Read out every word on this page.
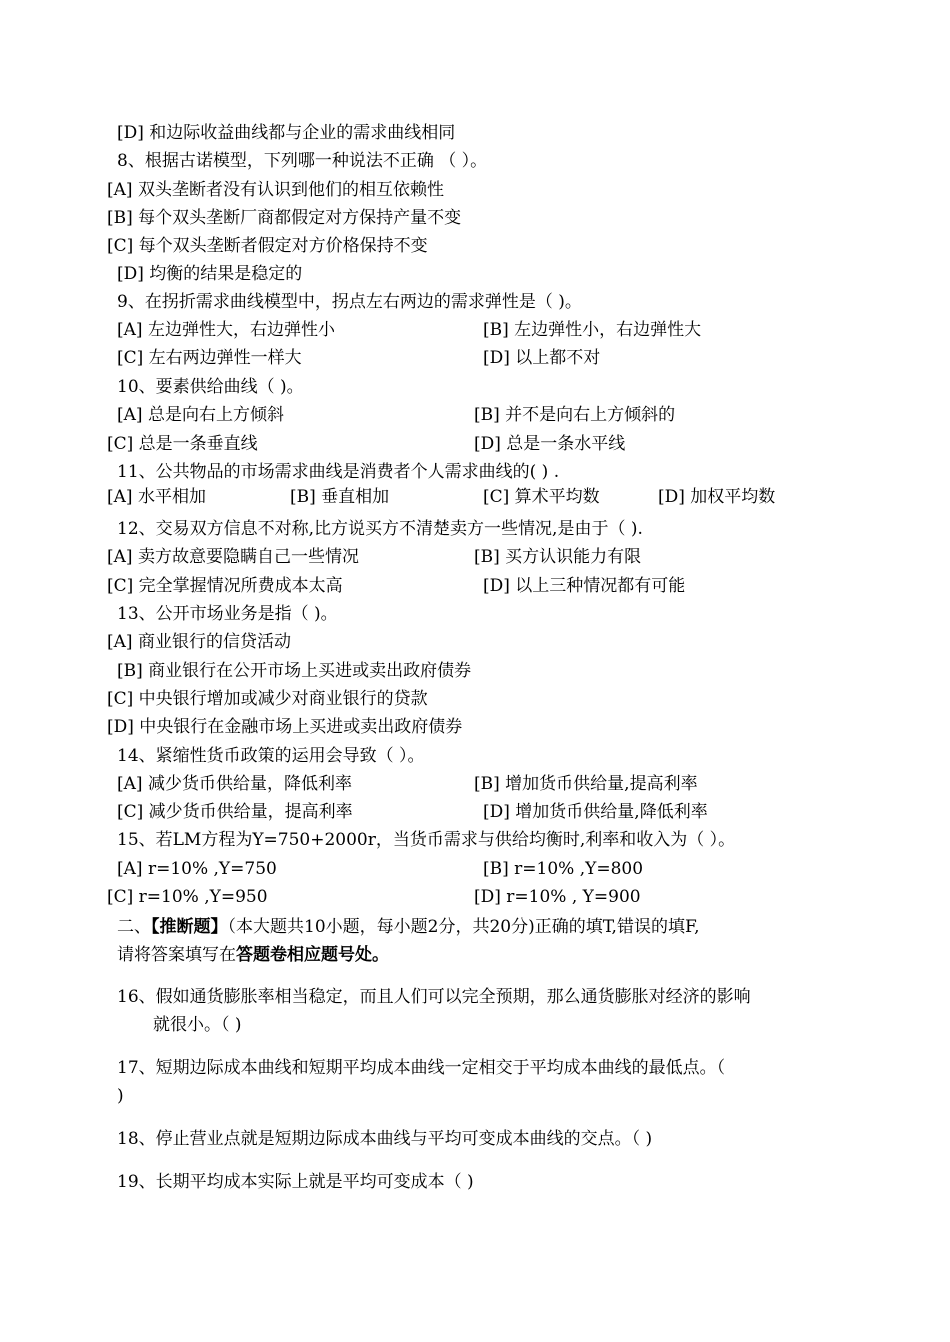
[D] 和边际收益曲线都与企业的需求曲线相同
8、根据古诺模型，下列哪一种说法不正确 （ ）。
[A] 双头垄断者没有认识到他们的相互依赖性
[B] 每个双头垄断厂商都假定对方保持产量不变
[C] 每个双头垄断者假定对方价格保持不变
[D] 均衡的结果是稳定的
9、在拐折需求曲线模型中，拐点左右两边的需求弹性是（ )。
[A] 左边弹性大，右边弹性小	[B] 左边弹性小，右边弹性大
[C] 左右两边弹性一样大	[D] 以上都不对
10、要素供给曲线（ )。
[A] 总是向右上方倾斜	[B] 并不是向右上方倾斜的
[C] 总是一条垂直线	[D] 总是一条水平线
11、公共物品的市场需求曲线是消费者个人需求曲线的( ) .
[A] 水平相加	[B] 垂直相加	[C] 算术平均数	[D] 加权平均数
12、交易双方信息不对称,比方说买方不清楚卖方一些情况,是由于（ ).
[A] 卖方故意要隐瞒自己一些情况	[B] 买方认识能力有限
[C] 完全掌握情况所费成本太高	[D] 以上三种情况都有可能
13、公开市场业务是指（ )。
[A] 商业银行的信贷活动
[B] 商业银行在公开市场上买进或卖出政府债券
[C] 中央银行增加或减少对商业银行的贷款
[D] 中央银行在金融市场上买进或卖出政府债券
14、紧缩性货币政策的运用会导致（ ）。
[A] 减少货币供给量，降低利率	[B] 增加货币供给量,提高利率
[C] 减少货币供给量，提高利率	[D] 增加货币供给量,降低利率
15、若LM方程为Y=750+2000r，当货币需求与供给均衡时,利率和收入为（ ）。
[A] r=10% ,Y=750	[B] r=10% ,Y=800
[C] r=10% ,Y=950	[D] r=10% , Y=900
二、【推断题】（本大题共10小题，每小题2分，共20分)正确的填T,错误的填F,
请将答案填写在答题卷相应题号处。
16、假如通货膨胀率相当稳定，而且人们可以完全预期，那么通货膨胀对经济的影响
就很小。（ )
17、短期边际成本曲线和短期平均成本曲线一定相交于平均成本曲线的最低点。（
)
18、停止营业点就是短期边际成本曲线与平均可变成本曲线的交点。（ )
19、长期平均成本实际上就是平均可变成本（ )
